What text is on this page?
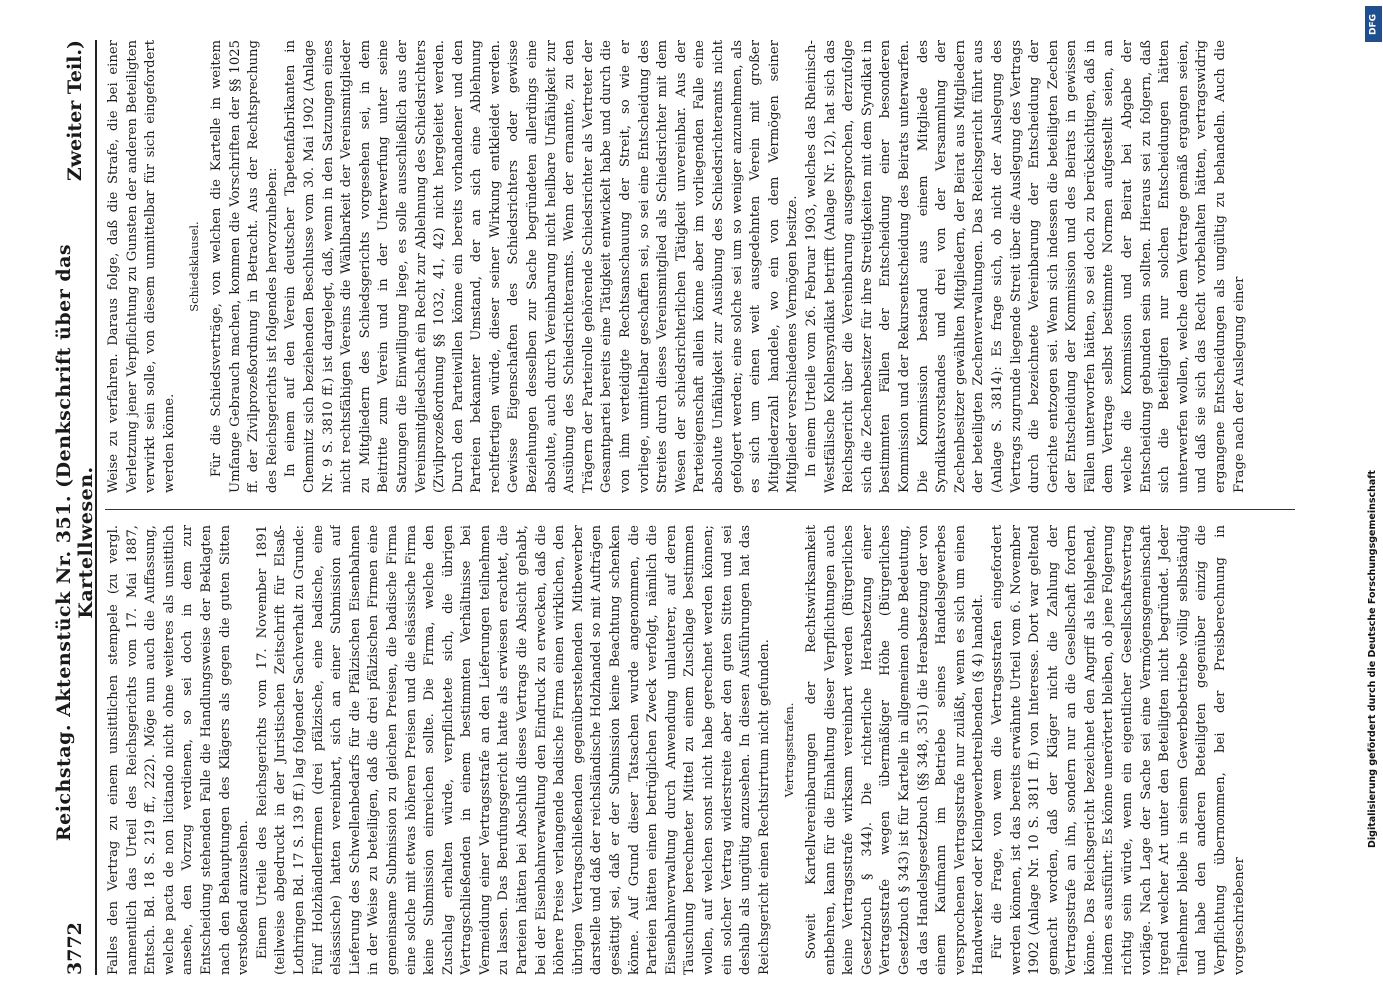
3772
Reichstag. Aktenstück Nr. 351. (Denkschrift über das Kartellwesen.
Zweiter Teil.)

Falles den Vertrag zu einem unsittlichen stempele (zu vergl. namentlich das Urteil des Reichsgerichts vom 17. Mai 1887, Entsch. Bd. 18 S. 219 ff., 222). Möge nun auch die Auffassung, welche pacta de non licitando nicht ohne weiteres als unsittlich ansehe, den Vorzug verdienen, so sei doch in dem zur Entscheidung stehenden Falle die Handlungsweise der Beklagten nach den Behauptungen des Klägers als gegen die guten Sitten verstoßend anzusehen. Einem Urteile des Reichsgerichts vom 17. November 1891 (teilweise abgedruckt in der Juristischen Zeitschrift für Elsaß-Lothringen Bd. 17 S. 139 ff.) lag folgender Sachverhalt zu Grunde: Fünf Holzhändlerfirmen (drei pfälzische, eine badische, eine elsässische) hatten vereinbart, sich an einer Submission auf Lieferung des Schwellenbedarfs für die Pfälzischen Eisenbahnen in der Weise zu beteiligen, daß die drei pfälzischen Firmen eine gemeinsame Submission zu gleichen Preisen, die badische Firma eine solche mit etwas höheren Preisen und die elsässische Firma keine Submission einreichen sollte. Die Firma, welche den Zuschlag erhalten würde, verpflichtete sich, die übrigen Vertragschließenden in einem bestimmten Verhältnisse bei Vermeidung einer Vertragsstrafe an den Lieferungen teilnehmen zu lassen. Das Berufungsgericht hatte als erwiesen erachtet, die Parteien hätten bei Abschluß dieses Vertrags die Absicht gehabt, bei der Eisenbahnverwaltung den Eindruck zu erwecken, daß die höhere Preise verlangende badische Firma einen wirklichen, den übrigen Vertragschließenden gegenüberstehenden Mitbewerber darstelle und daß der reichsländische Holzhandel so mit Aufträgen gesättigt sei, daß er der Submission keine Beachtung schenken könne. Auf Grund dieser Tatsachen wurde angenommen, die Parteien hätten einen betrüglichen Zweck verfolgt, nämlich die Eisenbahnverwaltung durch Anwendung unlauterer, auf deren Täuschung berechneter Mittel zu einem Zuschlage bestimmen wollen, auf welchen sonst nicht habe gerechnet werden können; ein solcher Vertrag widerstreite aber den guten Sitten und sei deshalb als ungültig anzusehen. In diesen Ausführungen hat das Reichsgericht einen Rechtsirrtum nicht gefunden. Vertragsstrafen. Soweit Kartellvereinbarungen der Rechtswirksamkeit entbehren, kann für die Einhaltung dieser Verpflichtungen auch keine Vertragsstrafe wirksam vereinbart werden (Bürgerliches Gesetzbuch § 344). Die richterliche Herabsetzung einer Vertragsstrafe wegen übermäßiger Höhe (Bürgerliches Gesetzbuch § 343) ist für Kartelle in allgemeinen ohne Bedeutung, da das Handelsgesetzbuch (§§ 348, 351) die Herabsetzung der von einem Kaufmann im Betriebe seines Handelsgewerbes versprochenen Vertragsstrafe nur zuläßt, wenn es sich um einen Handwerker oder Kleingewerbetreibenden (§ 4) handelt. Für die Frage, von wem die Vertragsstrafen eingefordert werden können, ist das bereits erwähnte Urteil vom 6. November 1902 (Anlage Nr. 10 S. 3811 ff.) von Interesse. Dort war geltend gemacht worden, daß der Kläger nicht die Zahlung der Vertragsstrafe an ihn, sondern nur an die Gesellschaft fordern könne. Das Reichsgericht bezeichnet den Angriff als fehlgehend, indem es ausführt: Es könne unerörtert bleiben, ob jene Folgerung richtig sein würde, wenn ein eigentlicher Gesellschaftsvertrag vorläge. Nach Lage der Sache sei eine Vermögensgemeinschaft irgend welcher Art unter den Beteiligten nicht begründet. Jeder Teilnehmer bleibe in seinem Gewerbebetriebe völlig selbständig und habe den anderen Beteiligten gegenüber einzig die Verpflichtung übernommen, bei der Preisberechnung in vorgeschriebener

Weise zu verfahren. Daraus folge, daß die Strafe, die bei einer Verletzung jener Verpflichtung zu Gunsten der anderen Beteiligten verwirkt sein solle, von diesem unmittelbar für sich eingefordert werden könne.

Schiedsklausel. Für die Schiedsverträge, von welchen die Kartelle in weitem Umfange Gebrauch machen, kommen die Vorschriften der §§ 1025 ff. der Zivilprozeßordnung in Betracht. Aus der Rechtsprechung des Reichsgerichts ist folgendes hervorzuheben: In einem auf den Verein deutscher Tapetenfabrikanten in Chemnitz sich beziehenden Beschlusse vom 30. Mai 1902 (Anlage Nr. 9 S. 3810 ff.) ist dargelegt, daß, wenn in den Satzungen eines nicht rechtsfähigen Vereins die Wählbarkeit der Vereinsmitglieder zu Mitgliedern des Schiedsgerichts vorgesehen sei, in dem Beitritte zum Verein und in der Unterwerfung unter seine Satzungen die Einwilligung liege, es solle ausschließlich aus der Vereinsmitgliedschaft ein Recht zur Ablehnung des Schiedsrichters (Zivilprozeßordnung §§ 1032, 41, 42) nicht hergeleitet werden. Durch den Parteiwillen könne ein bereits vorhandener und den Parteien bekannter Umstand, der an sich eine Ablehnung rechtfertigen würde, dieser seiner Wirkung entkleidet werden. Gewisse Eigenschaften des Schiedsrichters oder gewisse Beziehungen desselben zur Sache begründeten allerdings eine absolute, auch durch Vereinbarung nicht heilbare Unfähigkeit zur Ausübung des Schiedsrichteramts. Wenn der ernannte, zu den Trägern der Parteirolle gehörende Schiedsrichter als Vertreter der Gesamtpartei bereits eine Tätigkeit entwickelt habe und durch die von ihm verteidigte Rechtsanschauung der Streit, so wie er vorliege, unmittelbar geschaffen sei, so sei eine Entscheidung des Streites durch dieses Vereinsmitglied als Schiedsrichter mit dem Wesen der schiedsrichterlichen Tätigkeit unvereinbar. Aus der Parteieigenschaft allein könne aber im vorliegenden Falle eine absolute Unfähigkeit zur Ausübung des Schiedsrichteramts nicht gefolgert werden; eine solche sei um so weniger anzunehmen, als es sich um einen weit ausgedehnten Verein mit großer Mitgliederzahl handele, wo ein von dem Vermögen seiner Mitglieder verschiedenes Vermögen besitze. In einem Urteile vom 26. Februar 1903, welches das Rheinisch-Westfälische Kohlensyndikat betrifft (Anlage Nr. 12), hat sich das Reichsgericht über die Vereinbarung ausgesprochen, derzufolge sich die Zechenbesitzer für ihre Streitigkeiten mit dem Syndikat in bestimmten Fällen der Entscheidung einer besonderen Kommission und der Rekursentscheidung des Beirats unterwarfen. Die Kommission bestand aus einem Mitgliede des Syndikatsvorstandes und drei von der Versammlung der Zechenbesitzer gewählten Mitgliedern, der Beirat aus Mitgliedern der beteiligten Zechenverwaltungen. Das Reichsgericht führt aus (Anlage S. 3814): Es frage sich, ob nicht der Auslegung des Vertrags zugrunde liegende Streit über die Auslegung des Vertrags durch die bezeichnete Vereinbarung der Entscheidung der Gerichte entzogen sei. Wenn sich indessen die beteiligten Zechen der Entscheidung der Kommission und des Beirats in gewissen Fällen unterworfen hätten, so sei doch zu berücksichtigen, daß in dem Vertrage selbst bestimmte Normen aufgestellt seien, an welche die Kommission und der Beirat bei Abgabe der Entscheidung gebunden sein sollten. Hieraus sei zu folgern, daß sich die Beteiligten nur solchen Entscheidungen hätten unterwerfen wollen, welche dem Vertrage gemäß ergangen seien, und daß sie sich das Recht vorbehalten hätten, vertragswidrig ergangene Entscheidungen als ungültig zu behandeln. Auch die Frage nach der Auslegung einer

DFG
Digitalisierung gefördert durch die Deutsche Forschungsgemeinschaft
